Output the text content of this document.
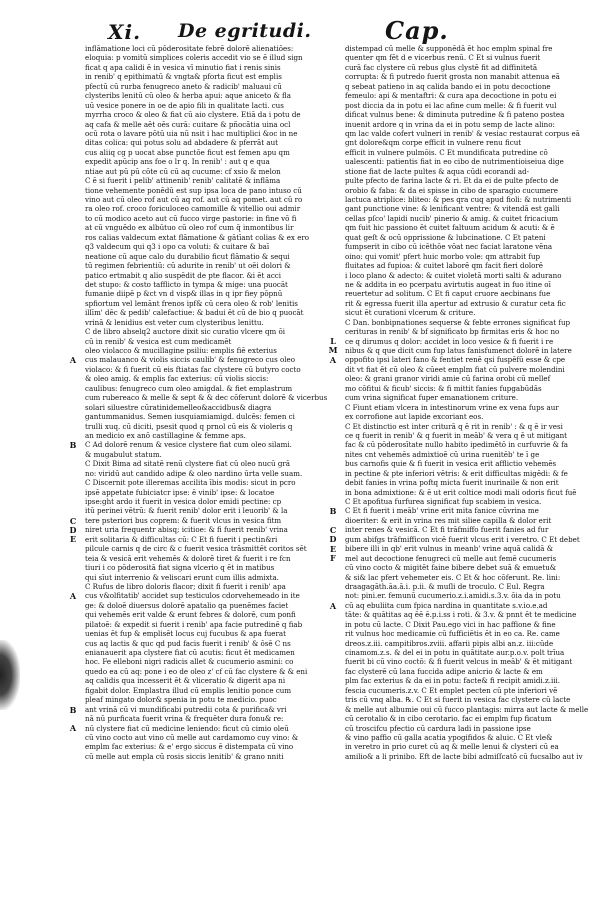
Xi. De egritudi.	Cap.
A
B
C
D
E
A
B
A
inflāmatione loci cū pōderositate febrē dolorē alienatiōes:
eloquia: p vomitū simplices coleris accedit vio se ē illud sign
ficat q apa calidi ē in vesica vī minutio fiat i renis sinis
in renib' q epithimatū & vngta& pforta ficut est emplis
pfectū cū rurba fenugreco aneto & radicib' maluaui cū
clysteribs lenitū cū oleo & herba apui: aque aniceto & fla
uū vesice ponere in oe de apio fili in qualitate lacti. cus
myrrha croco & oleo & fiat cū aio clystere. Etiā da i potu de
aq cafa & melle aēt oēs curā: cuitare & pñocātia uina ocl
ocū rota o lavare pōtū uia nū nsit i hac multiplici &oc in ne
ditas colica: qui potus solu ad abdadere & pferrāt aut
cus aliiq cg p uocat abse punctōe ficut est femen apu qm
expedit apūcip ans foe o lr q. In renib' : aut q e qua
ntiae aut pū pū cōte cū cū aq cucume: cf xsio & melon
C ē si fuerit i pelib' attinenib' renib' calitatē & inflāma
tione vehemente ponēdū est sup ipsa loca de pano intuso cū
vino aut cū oleo rof aut cū aq rof. aut cū aq pomet. aut cū ro
ra oleo rof. croco foriculoceo camomille & vitellio oui admir
to cū modico aceto aut cū fucco virge pastorie: in fine vō fi
at cū vnguēdo ex albūtuo cū oleo rof cum q̄ inmontibus lir
ros calias valdecum extat flāmatione & gātīant colias & ex ero
q3 valdecum qui q3 i opo ca voluti: & cuitare & baī
neatione cū aque calo du durabilio ficut flāmatio & sequi
tū regimen febrientiū: cū adurite in renib' ut oēi dolori &
patico ertmabit q alio suspēdit de pte flacor. &i ēt acci
det stupo: & costo tafflicto in tympa & mige: una puocāt
fumanie diipē p &ct vn d visp& illas in q ipr fiey pōpnū
spfiortum vel lemānt frenos ipf& cū cera oleo & rob' lenitis
illīm' dēc & pedib' calefactiue: & badui ēt cū de bio q puocāt
vrinā & lenidius est veter cum clysteribus lenittu.
C de libro abselq2 auctore dixit sic curatio vlcere qm ōi
cū in renib' & vesica est cum medicamēt
oleo violacco & mucillagine psiliu: emplis fiē exterius
cus malauanco & violis siccis caulib' & fenugreco cus oleo
violaco: & fi fuerit cū eis ftiatas fac clystere cū butyro cocto
& oleo amig. & emplis fac exterius: cū violis siccis:
caulibus: fenugreco cum oleo amigdal. & fiet emplastrum
cum rubereaco & melle & sept & & dec cōferunt dolorē & vicerbus
solari siluestre cūratinidemelleo&accidbus& diagra
gantummanidus. Semen iusquiamiamigd. dulcēs: femen ci
trulli xuq. cū diciti, psesit quod q prnol cū eis & violeris q
an medicio ex anō castillagine & femme aps.
C Ad dolorē renum & vesice clystere fiat cum oleo silami.
& mugabulut statum.
C Dixit Bima ad sitatē renū clystere fiat cū oleo nucū grā
no: viridū aut candido adipe & oleo nardino ūrta velle suam.
C Discernit pote illeremas accilita ībis modis: sicut in pcro
ipsē appetate fubiciatcr ipse: ē vinib' ipse: & locatoe
ipse:ght ardo it fuerit in vesica dolor emidi pectine: cp
itū perinei vētrū: & fuerit renib' dolor erit i leuorib' & la
tere psteriori bus coprem: & fuerit vlcus in vesica fitm
niret uria frequentr abisq; icitioe: & fi fuerit renib' vrina
erit solitaria & difficultas cū: C Et fi fuerit i pectin&ri
pilcule carnis q de circ & c fuerit vesica trāsmittēt coritos sēt
teia & vesicā erit vehemēs & dolorē tiret & fuerit i re fcn
tiuri i co pōderositā fiat signa vlcerio q ēt in matibus
qui sīut interrenio & veliscari erunt cum illis admixta.
C Rufus de libro doloris flacor; dixit fi fuerit i renib' apa
cus v&olfitatib' accidet sup testiculos cdorvehemeado in ite
ge: & doloē diuersus dolorē apatalio qa puenēmes faciet
qui vehemēs erit valde & erunt febres & dolorē, cum ponfi
pilatoē: & expedit si fuerit i renib' apa facie putredinē q fiab
uenias ēt fup & emplisēt locus cuj fucubus & apa fuerat
cus aq lactis & quc qd pud facis fuerit i renib' & ōsē C ns
enianauerit apa clystere fiat cū acutis: ficut ēt medicamen
hoc. Fe elleboni nigri radicis allet & cucumerio asmini: co
quedo ea cū aq: pone i eo de oleo z' cf cū fac clystere & & eni
aq calidis qua incesserit ēt & vliceratio & digerit apa ni
figabit dolor. Emplastra illud cū emplis lenitio ponce cum
pleaf mingato dolor& spenia in potu te medicio. puoc
ant vrinā cū vi mundificabi putredii cota & purifica& vri
nā nū purficata fuerit vrina & frequēter dura fonu& re:
nū clystere fiat cū medicine leniendo: ficut cū cimio oleū
cū vino cocto aut vino cū melle aut cardamomo cuy vino: &
emplm fac exterius: & e' ergo siccus ē distempata cū vino
cū melle aut empla cū rosis siccis lenitib' & grano nniti
L
M
A
B
C
D
E
F
A
distempad cū melle & supponēdā ēt hoc emplm spinal fre
quenter qm fēt d e vicerbus renū. C Et si vulnus fuerit
curā fac clystere cū rebus glus clystē fit ad diffinitetā
corrupta: & fi putredo fuerit grosta non manabit attenua eā
q sebeat patieno in aq calida bando ei in potu decoctione
femeulo: api & mentaftri: & cura apa decoctione in potu ei
post diccia da in potu ei lac afine cum melle: & fi fuerit vul
dificat vulnus bene: & diminuta putredine & fi pateno postea
inuenit ardore q in vrina da ei in potu semp de lacte alino:
qm lac valde cofert vulneri in renib' & vesiac restaurat corpus eā
gnt dolore&qm corpe efficit in vulnere renu ficut
efficit in vulnere pulmōis. C Et mundificata putredine cō
ualescenti: patientis fiat in eo cibo de nutrimentioiseiua dige
stione fiat de lacte pultes & aqua cūdi ecorandi ad-
pulte pfecto de farina lacte & ri. Et da ei de pulte pfecto de
orobio & faba: & da ei spisse in cibo de sparagio cucumere
lactuca atriplice: bliteo: & pes qra cuq apud fioli: & nutrimenti
gant punctione vine: & lenificant ventre: & vitendā est galli
cellas pſco' lapidi nucib' pinerio & amig. & cuitet fricacium
qm fuit hic passiono ēt cuitet faltuum acidum & acuti: & ē
quat geſt & ocū opprissione & lubcinatione. C Et pateni
fumpserit in cibo cū icēthōe vōat nec faciat laratone vēna
oino: qui vomit' pfert huic morbo vole: qm attrabit fup
fluitates ad fupioa: & cuitet laborē qm facit fieri dolorē
i loco plano & adecto: & cuitet violetā morti salti & adurano
ne & addita in eo pcerpatu avirtutis augeat in fuo itine oī
reuertetur ad solitum. C Et fi caput cruore aecbinans fue
rit & egressa fuerit illa apertur ad extrusio & curatur ceta fic
sicut ēt curationi vlcerum & criture.
C Dan. bonbipnationes sequerse & febte errones significat fup
cerituras in renib' & bf significato bp firmitas eris & hoc no
ce q dirumus q dolor: accidet in loco vesice & fi fuerit i re
nibus & q que dicit cum fup latus fanisfumenct dolorē in latere
oppofito ipsi lateri fano & fentiet renē qsi fuspēfū esse & cpe
dit vt fiat ēt cū oleo & cūeet emplm fiat cū pulvere molendini
oleo: & grani granor viridi amie cū farina orobi cū mellef
mo cōfitui & ficub' siccis: & fi mittit fanies fupgabūdās
cum vrina significat fuper emanationem criture.
C Fiunt etiam vlcera in intestinorum vrine ex vena fups aur
ex corrofione aut lapide excoriant eos.
C Et distinctio est inter criturā q ē rit in renib' : & q ē ir vesi
ce q fuerit in renib' & q fuerit in meāb' & vera q ē ut mitigant
fac & cū pōderosītate nullo habito ipedimētō in curfuvrie & fa
nites cnt vehemēs admixtioē cū urina ruenitēb' te ī ge
bus carnofis quie & fi fuerit in vesica erit afflictio vehemēs
in pectine & pte inferiori vētris: & erit difficultas migēdi: & fe
debit fanies in vrina poftq micta fuerit inurinaile & non erit
in bona admixtione: & ē ut erit coltice modi mali odoris ficut fuē
C Et apofitua furfurea significat fup scabiem in vesica.
C Et fi fuerit i meāb' vrine erit mita fanice cūvrina me
dioeriter: & erit in vrina res mit siliee capilla & dolor erit
inter renes & vesicā. C Et fi trāfmiffo fuerit fanies ad fur
gum abifgs trāfmifficon vicē fuerit vlcus erit i veretro. C Et debet
bibere illi in qb' erit vulnus in meanb' vrine aquā calidā &
mel aut decoctione fenugreci cū melle aut femē cucumeris
cū vino cocto & migitēt faine bibere debet suā & emuetu&
& si& lac pfert vehemeter eis. C Et & hoc cōferunt. Re. lini:
draagagāth.āa.ā.i. p.ii. & muſli de troculo. C Eul. Regra
not: pini.er. femunū cucumerio.z.i.amidi.s.3.v. ōia da in potu
cū aq ebuliita cum fpica nardina in quantitate s.v.io.e.ad
tāte: & quātitas aq ēē ē.p.i.ss i roti. & 3.v. & pnnt ēt te medicine
in potu cū lacte. C Dixit Pau.ego vici in hac paffione & fine
rit vulnus hoc medicamie cū fufficiētis ēt in eo ca. Re. came
dreos.z.iii. campitibros.zviii. affarii pipis albi an.z. iii:cūde
cinamom.z.s. & del ei in potu in quātitate aur.p.o.v. polt trīua
fuerit bi cū vino coctō: & fi fuerit velcus in meāb' & ēt mitigant
fac clysterē cū lana fuccida adipe anicrio & lacte & em
plm fac exterius & da ei in potu: facte& fi recipit amidi.z.iii.
fescia cucumeris.z.v. C Et emplet pecten cū pte inferiori vē
tris cū vnq alba. ℞. C Et si fuerit in vesica fac clystere cū lacte
& melle aut albumie oui cū fucco plantagis: mirra aut lacte & melle
cū cerotalio & in cibo cerotario. fac ei emplm fup ficatum
cū troscifcu pfectio cū cardura ladi in passione ipse
& vino paffio cū galla acatia ypogifidos & aluic. C Et vle&
in veretro in prio curet cū aq & melle lenui & clysteri cū ea
amilio& a li prinibo. Eft de lacte bibi admiſſcatō cū fucsalbo aut iv
